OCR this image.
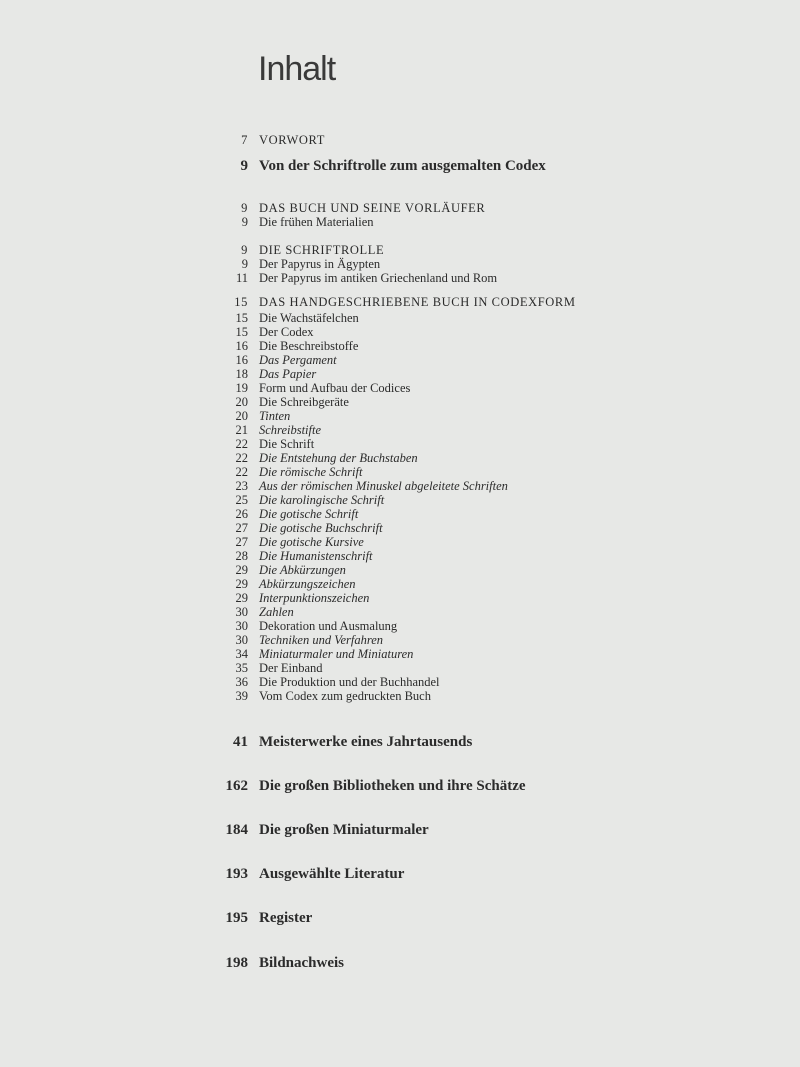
Inhalt
7 VORWORT
9 Von der Schriftrolle zum ausgemalten Codex
9 DAS BUCH UND SEINE VORLÄUFER
9 Die frühen Materialien
9 DIE SCHRIFTROLLE
9 Der Papyrus in Ägypten
11 Der Papyrus im antiken Griechenland und Rom
15 DAS HANDGESCHRIEBENE BUCH IN CODEXFORM
15 Die Wachstäfelchen
15 Der Codex
16 Die Beschreibstoffe
16 Das Pergament
18 Das Papier
19 Form und Aufbau der Codices
20 Die Schreibgeräte
20 Tinten
21 Schreibstifte
22 Die Schrift
22 Die Entstehung der Buchstaben
22 Die römische Schrift
23 Aus der römischen Minuskel abgeleitete Schriften
25 Die karolingische Schrift
26 Die gotische Schrift
27 Die gotische Buchschrift
27 Die gotische Kursive
28 Die Humanistenschrift
29 Die Abkürzungen
29 Abkürzungszeichen
29 Interpunktionszeichen
30 Zahlen
30 Dekoration und Ausmalung
30 Techniken und Verfahren
34 Miniaturmaler und Miniaturen
35 Der Einband
36 Die Produktion und der Buchhandel
39 Vom Codex zum gedruckten Buch
41 Meisterwerke eines Jahrtausends
162 Die großen Bibliotheken und ihre Schätze
184 Die großen Miniaturmaler
193 Ausgewählte Literatur
195 Register
198 Bildnachweis
